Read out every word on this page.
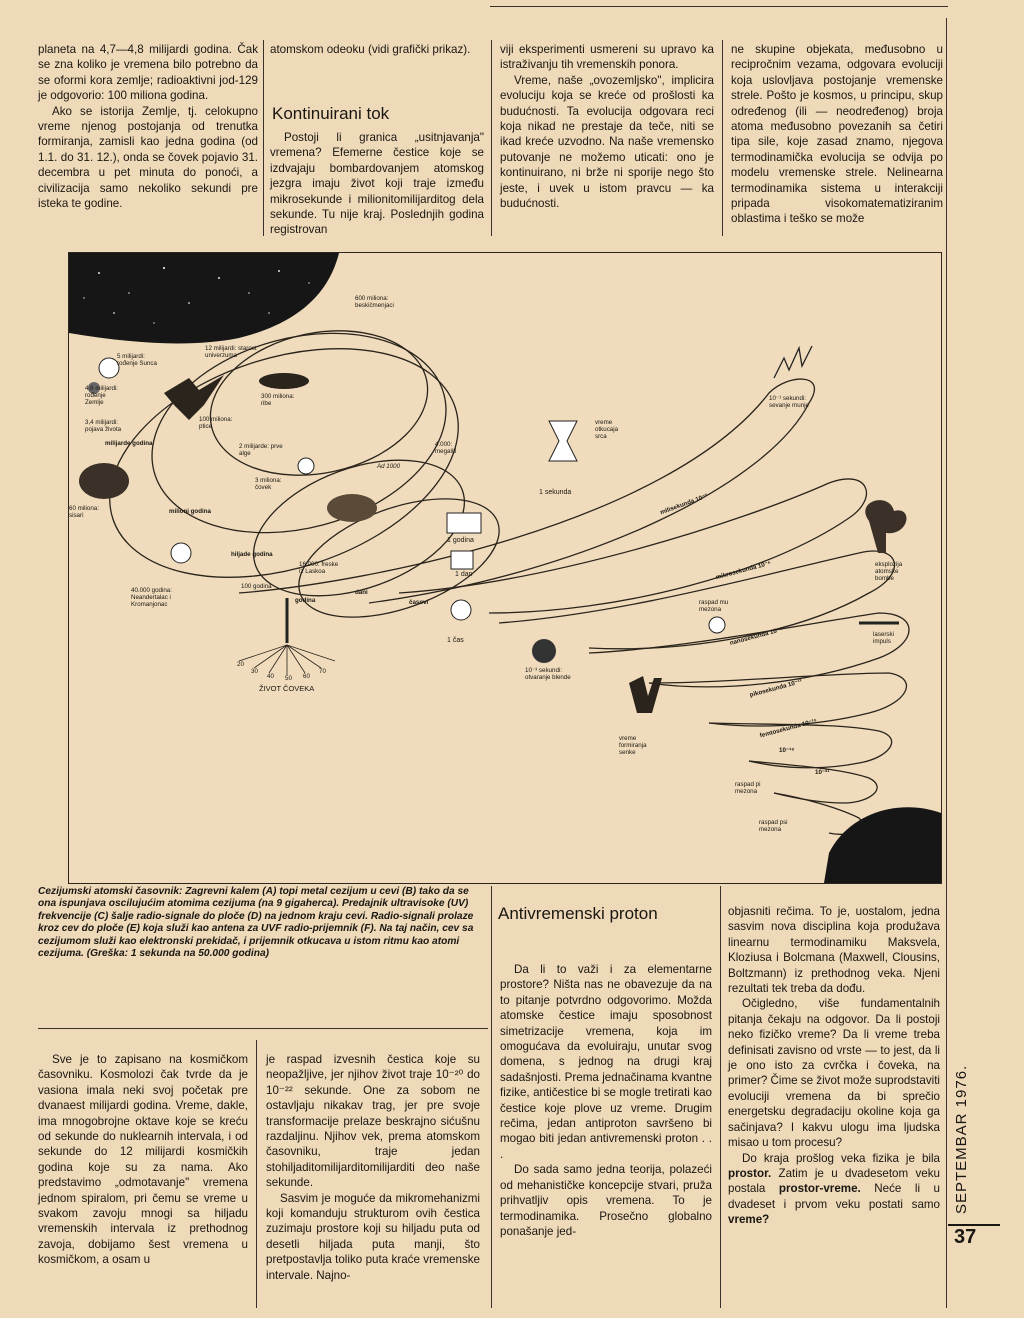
planeta na 4,7—4,8 milijardi godina. Čak se zna koliko je vremena bilo potrebno da se oformi kora zemlje; radioaktivni jod-129 je odgovorio: 100 miliona godina.

Ako se istorija Zemlje, tj. celokupno vreme njenog postojanja od trenutka formiranja, zamisli kao jedna godina (od 1.1. do 31. 12.), onda se čovek pojavio 31. decembra u pet minuta do ponoći, a civilizacija samo nekoliko sekundi pre isteka te godine.

atomskom odeoku (vidi grafički prikaz).

Kontinuirani tok

Postoji li granica „usitnjavanja" vremena? Efemerne čestice koje se izdvajaju bombardovanjem atomskog jezgra imaju život koji traje između mikrosekunde i milionitomilijarditog dela sekunde. Tu nije kraj. Poslednjih godina registrovan

viji eksperimenti usmereni su upravo ka istraživanju tih vremenskih ponora.

Vreme, naše „ovozemljsko", implicira evoluciju koja se kreće od prošlosti ka budućnosti. Ta evolucija odgovara reci koja nikad ne prestaje da teče, niti se ikad kreće uzvodno. Na naše vremensko putovanje ne možemo uticati: ono je kontinuirano, ni brže ni sporije nego što jeste, i uvek u istom pravcu — ka budućnosti.

ne skupine objekata, međusobno u recipročnim vezama, odgovara evoluciji koja uslovljava postojanje vremenske strele. Pošto je kosmos, u principu, skup određenog (ili — neodređenog) broja atoma međusobno povezanih sa četiri tipa sile, koje zasad znamo, njegova termodinamička evolucija se odvija po modelu vremenske strele. Nelinearna termodinamika sistema u interakciji pripada visokomatematiziranim oblastima i teško se može

600 miliona: beskičmenjaci
12 milijardi: starost univerzuma
5 milijardi: rođenje Sunca
4,6 milijardi: rođenje Zemlje
3,4 milijardi: pojava života
300 miliona: ribe
100 miliona: ptice
2 milijarde: prve alge
3 miliona: čovek
milijarde godina
milioni godina
60 miliona: sisari
40.000 godina: Neandertalac i Kromanjonac
hiljade godina
100 godina
16.000: freske iz Laskoa
godina
4.000: megaliti
Ad 1000
dani
časovi
1 godina
1 dan
1 čas
1 sekunda
vreme otkucaja srca
10⁻¹ sekundi: sevanje munje
milisekunda 10⁻³
mikrosekunda 10⁻⁶
nanosekunda 10⁻⁹
pikosekunda 10⁻¹²
femtosekunda 10⁻¹⁵
10⁻¹⁸
10⁻²¹
10⁻³ sekundi: otvaranje blende
raspad mu mezona
vreme formiranja senke
raspad pi mezona
raspad psi mezona
eksplozija atomske bombe
laserski impuls
ŽIVOT ČOVEKA
20
30
40 50 60
70
Cezijumski atomski časovnik: Zagrevni kalem (A) topi metal cezijum u cevi (B) tako da se ona ispunjava oscilujućim atomima cezijuma (na 9 gigaherca). Predajnik ultravisoke (UV) frekvencije (C) šalje radio-signale do ploče (D) na jednom kraju cevi. Radio-signali prolaze kroz cev do ploče (E) koja služi kao antena za UVF radio-prijemnik (F). Na taj način, cev sa cezijumom služi kao elektronski prekidač, i prijemnik otkucava u istom ritmu kao atomi cezijuma. (Greška: 1 sekunda na 50.000 godina)

Sve je to zapisano na kosmičkom časovniku. Kosmolozi čak tvrde da je vasiona imala neki svoj početak pre dvanaest milijardi godina. Vreme, dakle, ima mnogobrojne oktave koje se kreću od sekunde do nuklearnih intervala, i od sekunde do 12 milijardi kosmičkih godina koje su za nama. Ako predstavimo „odmotavanje" vremena jednom spiralom, pri čemu se vreme u svakom zavoju mnogi sa hiljadu vremenskih intervala iz prethodnog zavoja, dobijamo šest vremena u kosmičkom, a osam u

je raspad izvesnih čestica koje su neopažljive, jer njihov život traje 10⁻²⁰ do 10⁻²² sekunde. One za sobom ne ostavljaju nikakav trag, jer pre svoje transformacije prelaze beskrajno sićušnu razdaljinu. Njihov vek, prema atomskom časovniku, traje jedan stohiljaditomilijarditomilijarditi deo naše sekunde.

Sasvim je moguće da mikromehanizmi koji komanduju strukturom ovih čestica zuzimaju prostore koji su hiljadu puta od desetli hiljada puta manji, što pretpostavlja toliko puta kraće vremenske intervale. Najno-

Antivremenski proton

Da li to važi i za elementarne prostore? Ništa nas ne obavezuje da na to pitanje potvrdno odgovorimo. Možda atomske čestice imaju sposobnost simetrizacije vremena, koja im omogućava da evoluiraju, unutar svog domena, s jednog na drugi kraj sadašnjosti. Prema jednačinama kvantne fizike, antičestice bi se mogle tretirati kao čestice koje plove uz vreme. Drugim rečima, jedan antiproton savršeno bi mogao biti jedan antivremenski proton . . .

Do sada samo jedna teorija, polazeći od mehanističke koncepcije stvari, pruža prihvatljiv opis vremena. To je termodinamika. Prosečno globalno ponašanje jed-

objasniti rečima. To je, uostalom, jedna sasvim nova disciplina koja produžava linearnu termodinamiku Maksvela, Kloziusa i Bolcmana (Maxwell, Clousins, Boltzmann) iz prethodnog veka. Njeni rezultati tek treba da dođu.

Očigledno, više fundamentalnih pitanja čekaju na odgovor. Da li postoji neko fizičko vreme? Da li vreme treba definisati zavisno od vrste — to jest, da li je ono isto za cvrčka i čoveka, na primer? Čime se život može suprodstaviti evoluciji vremena da bi sprečio energetsku degradaciju okoline koja ga sačinjava? I kakvu ulogu ima ljudska misao u tom procesu?

Do kraja prošlog veka fizika je bila prostor. Zatim je u dvadesetom veku postala prostor-vreme. Neće li u dvadeset i prvom veku postati samo vreme?

SEPTEMBAR 1976.
37
